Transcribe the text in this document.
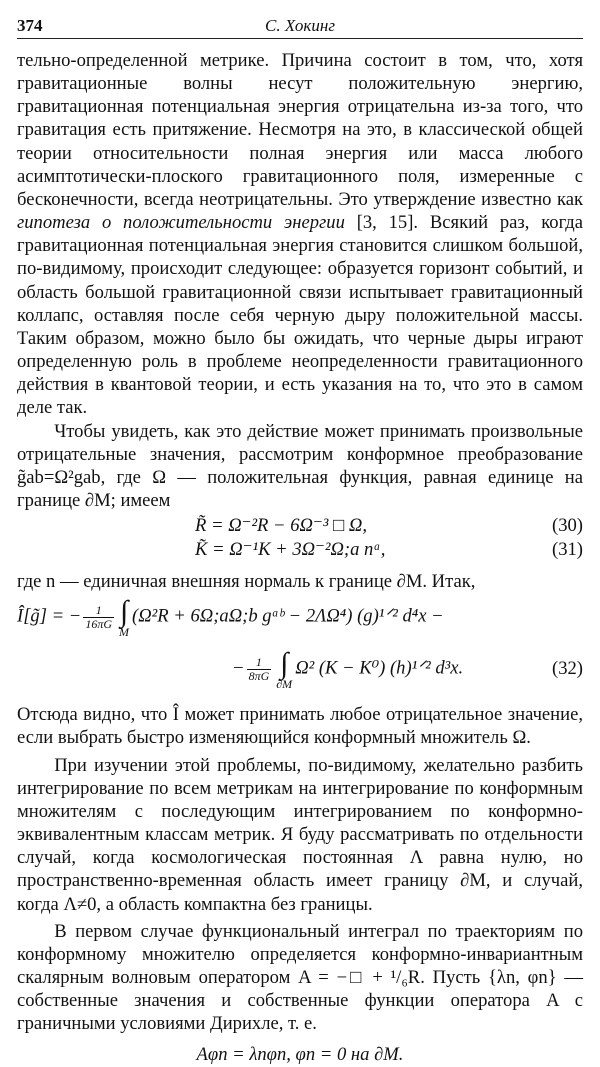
374	С. Хокинг

тельно-определенной метрике. Причина состоит в том, что, хотя гравитационные волны несут положительную энергию, гравитационная потенциальная энергия отрицательна из-за того, что гравитация есть притяжение. Несмотря на это, в классической общей теории относительности полная энергия или масса любого асимптотически-плоского гравитационного поля, измеренные с бесконечности, всегда неотрицательны. Это утверждение известно как гипотеза о положительности энергии [3, 15]. Всякий раз, когда гравитационная потенциальная энергия становится слишком большой, по-видимому, происходит следующее: образуется горизонт событий, и область большой гравитационной связи испытывает гравитационный коллапс, оставляя после себя черную дыру положительной массы. Таким образом, можно было бы ожидать, что черные дыры играют определенную роль в проблеме неопределенности гравитационного действия в квантовой теории, и есть указания на то, что это в самом деле так.

Чтобы увидеть, как это действие может принимать произвольные отрицательные значения, рассмотрим конформное преобразование g̃ab=Ω²gab, где Ω — положительная функция, равная единице на границе ∂M; имеем

R̃ = Ω⁻²R − 6Ω⁻³ □ Ω,	(30)
K̃ = Ω⁻¹K + 3Ω⁻²Ω;a nᵃ,	(31)

где n — единичная внешняя нормаль к границе ∂M. Итак,

Î[g̃] = − $\frac{1}{16\pi G}$ ∫
M
(Ω²R + 6Ω;aΩ;b gᵃᵇ − 2ΛΩ⁴) (g)¹ᐟ² d⁴x −
− $\frac{1}{8\pi G}$ ∫
∂M
Ω² (K − K⁰) (h)¹ᐟ² d³x.	(32)

Отсюда видно, что Î может принимать любое отрицательное значение, если выбрать быстро изменяющийся конформный множитель Ω.

При изучении этой проблемы, по-видимому, желательно разбить интегрирование по всем метрикам на интегрирование по конформным множителям с последующим интегрированием по конформно-эквивалентным классам метрик. Я буду рассматривать по отдельности случай, когда космологическая постоянная Λ равна нулю, но пространственно-временная область имеет границу ∂M, и случай, когда Λ≠0, а область компактна без границы.

В первом случае функциональный интеграл по траекториям по конформному множителю определяется конформно-инвариантным скалярным волновым оператором A = −□ + ¹/₆R. Пусть {λn, φn} — собственные значения и собственные функции оператора A с граничными условиями Дирихле, т. е.

Aφn = λnφn, φn = 0 на ∂M.
